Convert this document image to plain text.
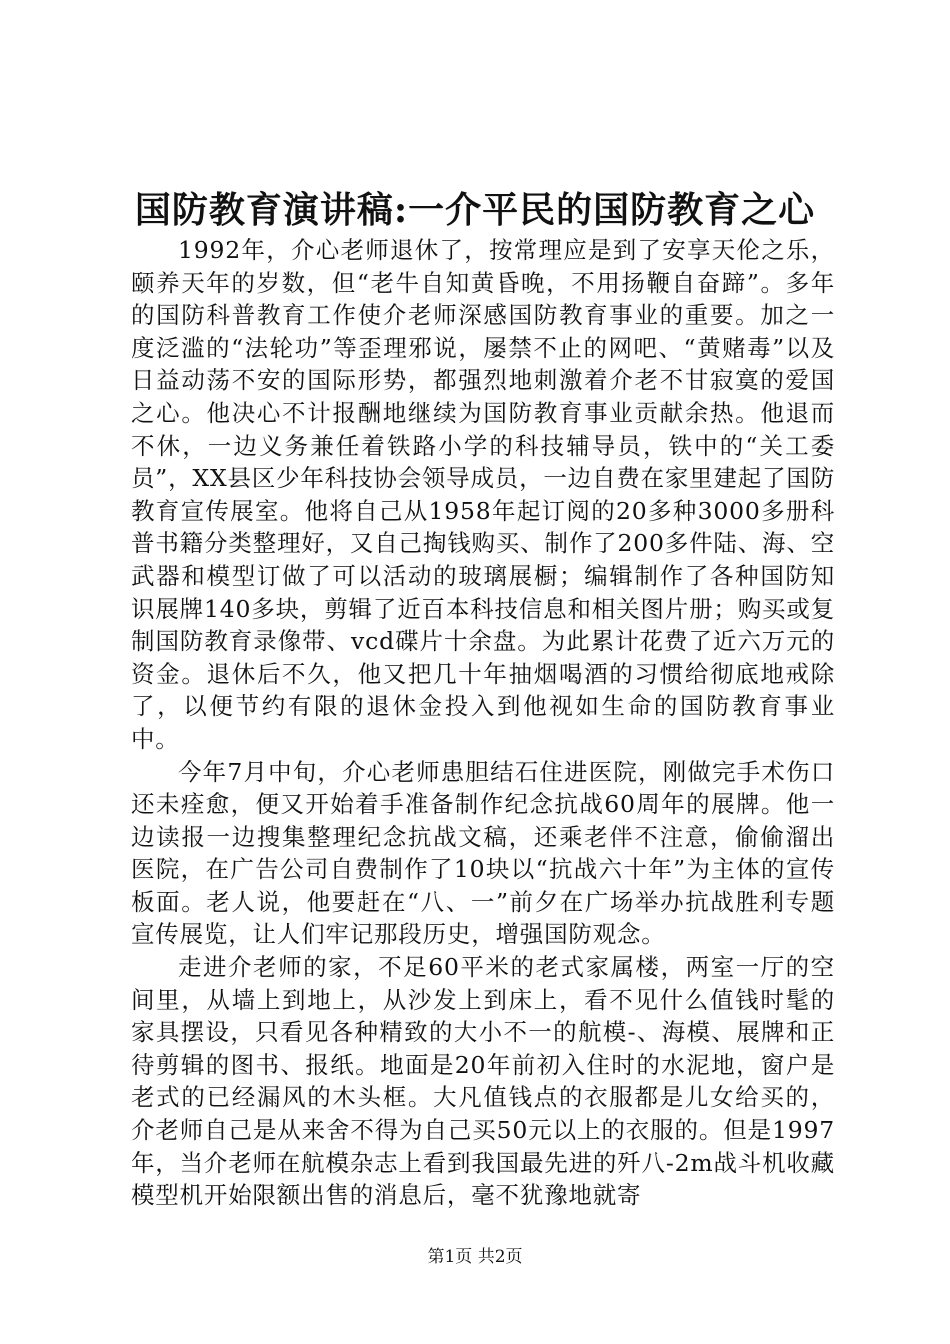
国防教育演讲稿:一介平民的国防教育之心

1992年，介心老师退休了，按常理应是到了安享天伦之乐，颐养天年的岁数，但“老牛自知黄昏晚，不用扬鞭自奋蹄”。多年的国防科普教育工作使介老师深感国防教育事业的重要。加之一度泛滥的“法轮功”等歪理邪说，屡禁不止的网吧、“黄赌毒”以及日益动荡不安的国际形势，都强烈地刺激着介老不甘寂寞的爱国之心。他决心不计报酬地继续为国防教育事业贡献余热。他退而不休，一边义务兼任着铁路小学的科技辅导员，铁中的“关工委员”，XX县区少年科技协会领导成员，一边自费在家里建起了国防教育宣传展室。他将自己从1958年起订阅的20多种3000多册科普书籍分类整理好，又自己掏钱购买、制作了200多件陆、海、空武器和模型订做了可以活动的玻璃展橱；编辑制作了各种国防知识展牌140多块，剪辑了近百本科技信息和相关图片册；购买或复制国防教育录像带、vcd碟片十余盘。为此累计花费了近六万元的资金。退休后不久，他又把几十年抽烟喝酒的习惯给彻底地戒除了，以便节约有限的退休金投入到他视如生命的国防教育事业中。

今年7月中旬，介心老师患胆结石住进医院，刚做完手术伤口还未痊愈，便又开始着手准备制作纪念抗战60周年的展牌。他一边读报一边搜集整理纪念抗战文稿，还乘老伴不注意，偷偷溜出医院，在广告公司自费制作了10块以“抗战六十年”为主体的宣传板面。老人说，他要赶在“八、一”前夕在广场举办抗战胜利专题宣传展览，让人们牢记那段历史，增强国防观念。

走进介老师的家，不足60平米的老式家属楼，两室一厅的空间里，从墙上到地上，从沙发上到床上，看不见什么值钱时髦的家具摆设，只看见各种精致的大小不一的航模-、海模、展牌和正待剪辑的图书、报纸。地面是20年前初入住时的水泥地，窗户是老式的已经漏风的木头框。大凡值钱点的衣服都是儿女给买的，介老师自己是从来舍不得为自己买50元以上的衣服的。但是1997年，当介老师在航模杂志上看到我国最先进的歼八-2m战斗机收藏模型机开始限额出售的消息后，毫不犹豫地就寄

第1页 共2页
